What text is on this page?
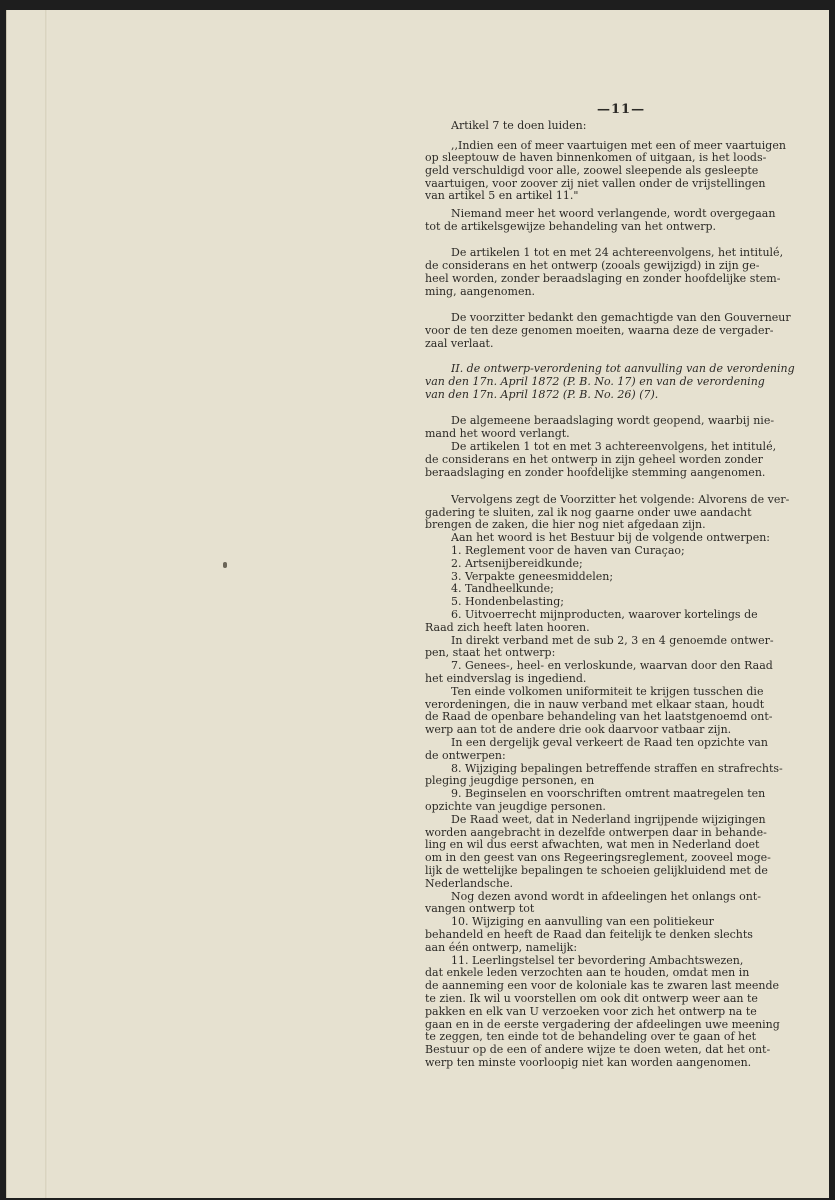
—11—
Artikel 7 te doen luiden:
,,Indien een of meer vaartuigen met een of meer vaartuigen
op sleeptouw de haven binnenkomen of uitgaan, is het loods-
geld verschuldigd voor alle, zoowel sleepende als gesleepte
vaartuigen, voor zoover zij niet vallen onder de vrijstellingen
van artikel 5 en artikel 11."
Niemand meer het woord verlangende, wordt overgegaan
tot de artikelsgewijze behandeling van het ontwerp.
De artikelen 1 tot en met 24 achtereenvolgens, het intitulé,
de considerans en het ontwerp (zooals gewijzigd) in zijn ge-
heel worden, zonder beraadslaging en zonder hoofdelijke stem-
ming, aangenomen.
De voorzitter bedankt den gemachtigde van den Gouverneur
voor de ten deze genomen moeiten, waarna deze de vergader-
zaal verlaat.
II. de ontwerp-verordening tot aanvulling van de verordening
van den 17n. April 1872 (P. B. No. 17) en van de verordening
van den 17n. April 1872 (P. B. No. 26) (7).
De algemeene beraadslaging wordt geopend, waarbij nie-
mand het woord verlangt.
De artikelen 1 tot en met 3 achtereenvolgens, het intitulé,
de considerans en het ontwerp in zijn geheel worden zonder
beraadslaging en zonder hoofdelijke stemming aangenomen.
Vervolgens zegt de Voorzitter het volgende: Alvorens de ver-
gadering te sluiten, zal ik nog gaarne onder uwe aandacht
brengen de zaken, die hier nog niet afgedaan zijn.
Aan het woord is het Bestuur bij de volgende ontwerpen:
1. Reglement voor de haven van Curaçao;
2. Artsenijbereidkunde;
3. Verpakte geneesmiddelen;
4. Tandheelkunde;
5. Hondenbelasting;
6. Uitvoerrecht mijnproducten, waarover kortelings de
Raad zich heeft laten hooren.
In direkt verband met de sub 2, 3 en 4 genoemde ontwer-
pen, staat het ontwerp:
7. Genees-, heel- en verloskunde, waarvan door den Raad
het eindverslag is ingediend.
Ten einde volkomen uniformiteit te krijgen tusschen die
verordeningen, die in nauw verband met elkaar staan, houdt
de Raad de openbare behandeling van het laatstgenoemd ont-
werp aan tot de andere drie ook daarvoor vatbaar zijn.
In een dergelijk geval verkeert de Raad ten opzichte van
de ontwerpen:
8. Wijziging bepalingen betreffende straffen en strafrechts-
pleging jeugdige personen, en
9. Beginselen en voorschriften omtrent maatregelen ten
opzichte van jeugdige personen.
De Raad weet, dat in Nederland ingrijpende wijzigingen
worden aangebracht in dezelfde ontwerpen daar in behande-
ling en wil dus eerst afwachten, wat men in Nederland doet
om in den geest van ons Regeeringsreglement, zooveel moge-
lijk de wettelijke bepalingen te schoeien gelijkluidend met de
Nederlandsche.
Nog dezen avond wordt in afdeelingen het onlangs ont-
vangen ontwerp tot
10. Wijziging en aanvulling van een politiekeur
behandeld en heeft de Raad dan feitelijk te denken slechts
aan één ontwerp, namelijk:
11. Leerlingstelsel ter bevordering Ambachtswezen,
dat enkele leden verzochten aan te houden, omdat men in
de aanneming een voor de koloniale kas te zwaren last meende
te zien. Ik wil u voorstellen om ook dit ontwerp weer aan te
pakken en elk van U verzoeken voor zich het ontwerp na te
gaan en in de eerste vergadering der afdeelingen uwe meening
te zeggen, ten einde tot de behandeling over te gaan of het
Bestuur op de een of andere wijze te doen weten, dat het ont-
werp ten minste voorloopig niet kan worden aangenomen.
